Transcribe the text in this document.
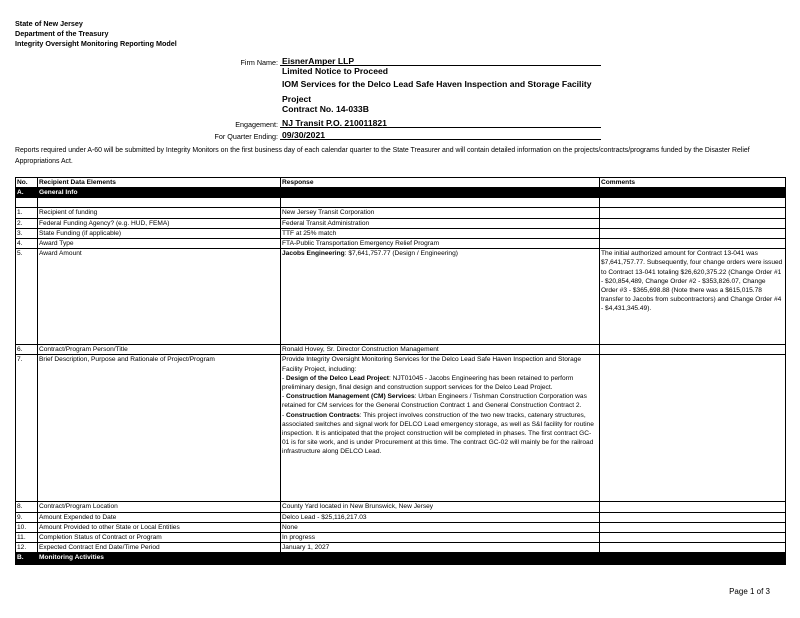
State of New Jersey
Department of the Treasury
Integrity Oversight Monitoring Reporting Model
Firm Name: EisnerAmper LLP
Limited Notice to Proceed
IOM Services for the Delco Lead Safe Haven Inspection and Storage Facility Project
Contract No. 14-033B
Engagement: NJ Transit P.O. 210011821
For Quarter Ending: 09/30/2021
Reports required under A-60 will be submitted by Integrity Monitors on the first business day of each calendar quarter to the State Treasurer and will contain detailed information on the projects/contracts/programs funded by the Disaster Relief Appropriations Act.
No.	Recipient Data Elements	Response	Comments
A.	General Info		

1.	Recipient of funding	New Jersey Transit Corporation	
2.	Federal Funding Agency? (e.g. HUD, FEMA)	Federal Transit Administration	
3.	State Funding (if applicable)	TTF at 25% match	
4.	Award Type	FTA-Public Transportation Emergency Relief Program	
5.	Award Amount	Jacobs Engineering: $7,641,757.77 (Design / Engineering)	The initial authorized amount for Contract 13-041 was $7,641,757.77. Subsequently, four change orders were issued to Contract 13-041 totaling $26,620,375.22 (Change Order #1 - $20,854,489, Change Order #2 - $353,826.07, Change Order #3 - $365,698.88 (Note there was a $615,015.78 transfer to Jacobs from subcontractors) and Change Order #4 - $4,431,345.49).
6.	Contract/Program Person/Title	Ronald Hovey, Sr. Director Construction Management	
7.	Brief Description, Purpose and Rationale of Project/Program	Provide Integrity Oversight Monitoring Services for the Delco Lead Safe Haven Inspection and Storage Facility Project, including:
- Design of the Delco Lead Project: NJT01045 - Jacobs Engineering has been retained to perform preliminary design, final design and construction support services for the Delco Lead Project.
- Construction Management (CM) Services: Urban Engineers / Tishman Construction Corporation was retained for CM services for the General Construction Contract 1 and General Construction Contract 2.
- Construction Contracts: This project involves construction of the two new tracks, catenary structures, associated switches and signal work for DELCO Lead emergency storage, as well as S&I facility for routine inspection. It is anticipated that the project construction will be completed in phases. The first contract GC-01 is for site work, and is under Procurement at this time. The contract GC-02 will mainly be for the railroad infrastructure along DELCO Lead.	
8.	Contract/Program Location	County Yard located in New Brunswick, New Jersey	
9.	Amount Expended to Date	Delco Lead - $25,116,217.03	
10.	Amount Provided to other State or Local Entities	None	
11.	Completion Status of Contract or Program	In progress	
12.	Expected Contract End Date/Time Period	January 1, 2027	
B.	Monitoring Activities		
Page 1 of 3
